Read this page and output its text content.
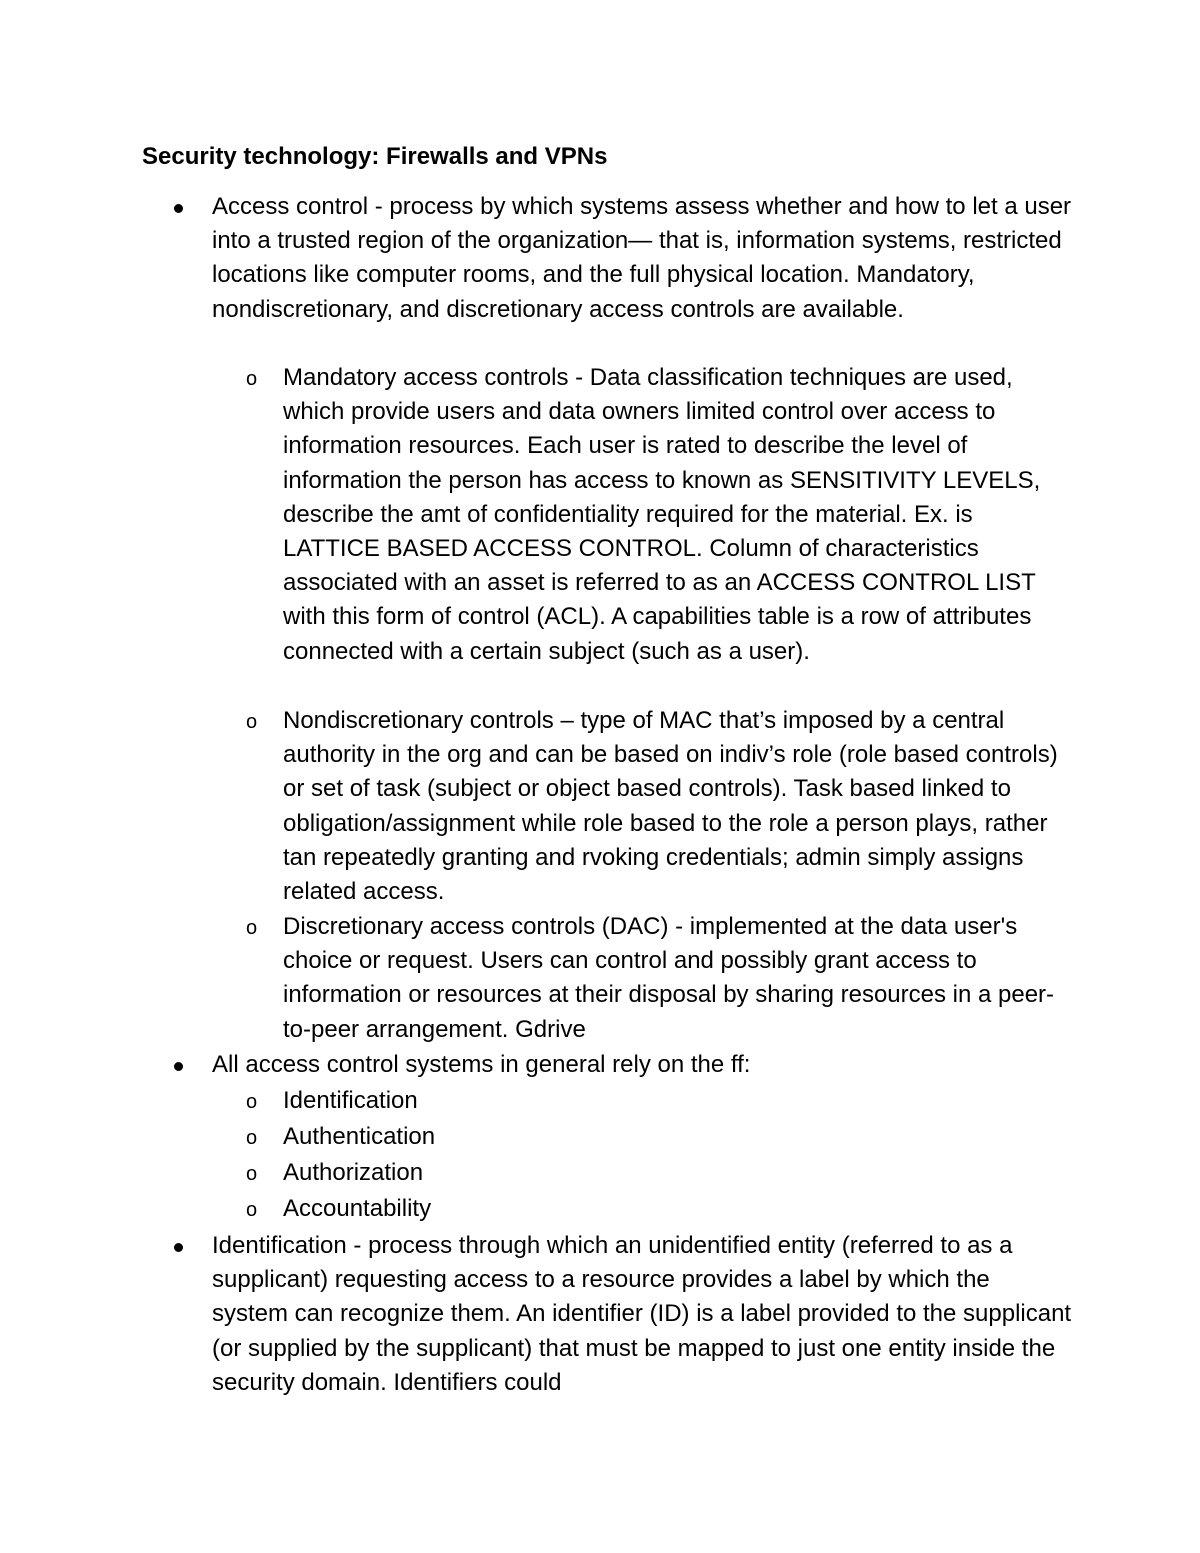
Security technology: Firewalls and VPNs
Access control - process by which systems assess whether and how to let a user into a trusted region of the organization— that is, information systems, restricted locations like computer rooms, and the full physical location. Mandatory, nondiscretionary, and discretionary access controls are available.
o Mandatory access controls - Data classification techniques are used, which provide users and data owners limited control over access to information resources. Each user is rated to describe the level of information the person has access to known as SENSITIVITY LEVELS, describe the amt of confidentiality required for the material. Ex. is LATTICE BASED ACCESS CONTROL. Column of characteristics associated with an asset is referred to as an ACCESS CONTROL LIST with this form of control (ACL). A capabilities table is a row of attributes connected with a certain subject (such as a user).
o Nondiscretionary controls – type of MAC that’s imposed by a central authority in the org and can be based on indiv’s role (role based controls) or set of task (subject or object based controls). Task based linked to obligation/assignment while role based to the role a person plays, rather tan repeatedly granting and rvoking credentials; admin simply assigns related access.
o Discretionary access controls (DAC) - implemented at the data user's choice or request. Users can control and possibly grant access to information or resources at their disposal by sharing resources in a peer-to-peer arrangement. Gdrive
All access control systems in general rely on the ff:
o Identification
o Authentication
o Authorization
o Accountability
Identification - process through which an unidentified entity (referred to as a supplicant) requesting access to a resource provides a label by which the system can recognize them. An identifier (ID) is a label provided to the supplicant (or supplied by the supplicant) that must be mapped to just one entity inside the security domain. Identifiers could
